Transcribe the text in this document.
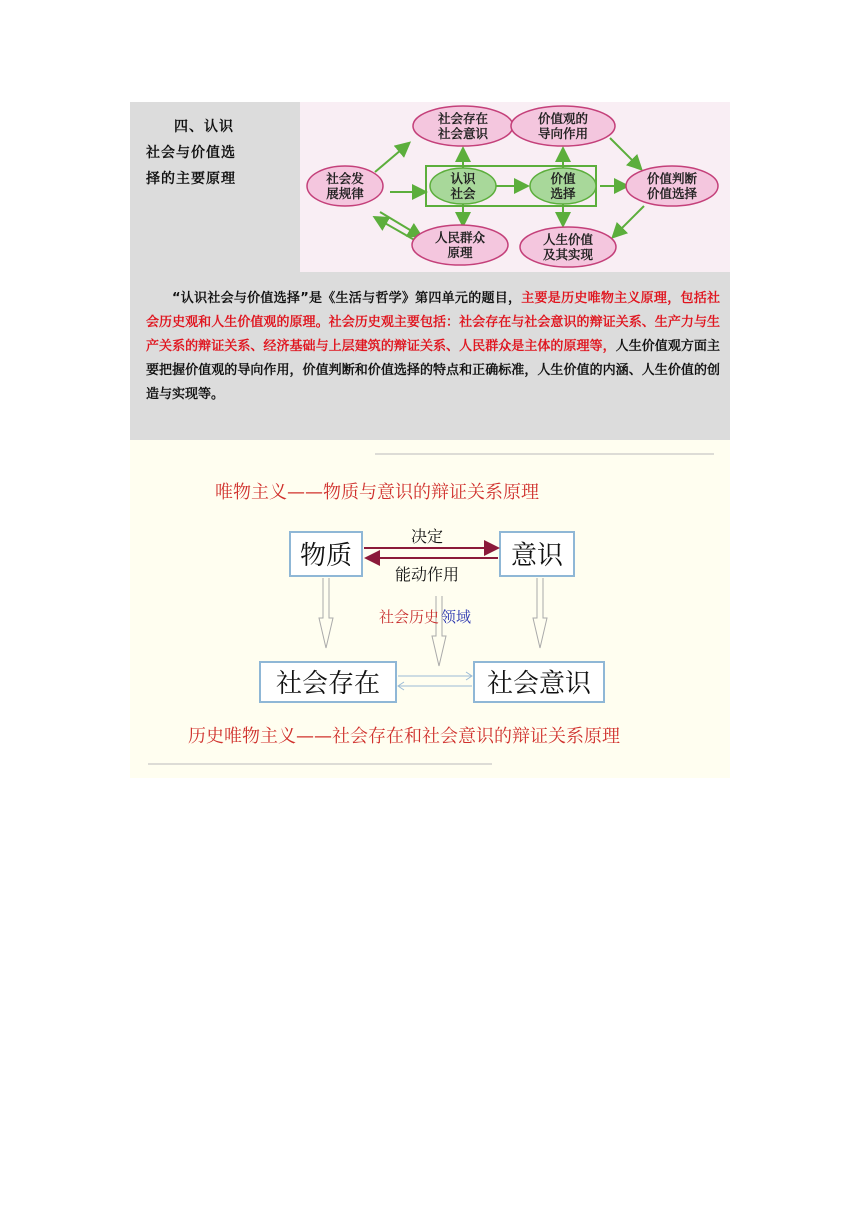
四、认识
社会与价值选
择的主要原理
社会存在
社会意识
价值观的
导向作用
社会发
展规律
认识
社会
价值
选择
价值判断
价值选择
人民群众
原理
人生价值
及其实现
“认识社会与价值选择”是《生活与哲学》第四单元的题目，主要是历史唯物主义原理，包括社会历史观和人生价值观的原理。社会历史观主要包括：社会存在与社会意识的辩证关系、生产力与生产关系的辩证关系、经济基础与上层建筑的辩证关系、人民群众是主体的原理等，人生价值观方面主要把握价值观的导向作用，价值判断和价值选择的特点和正确标准，人生价值的内涵、人生价值的创造与实现等。
唯物主义——物质与意识的辩证关系原理
历史唯物主义——社会存在和社会意识的辩证关系原理
物质	意识
决定
能动作用
社会历史 领域
社会存在	社会意识
